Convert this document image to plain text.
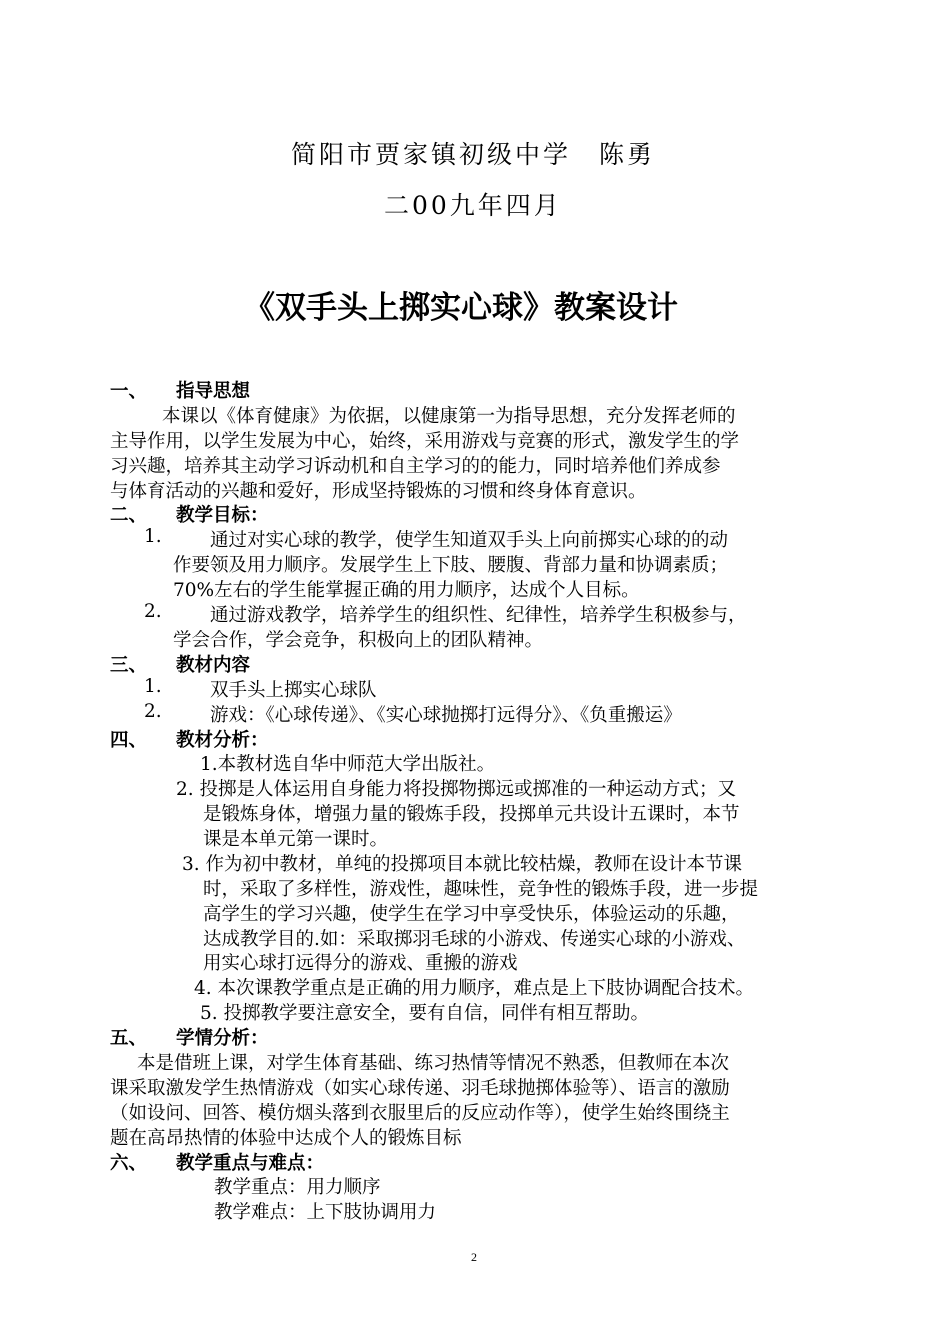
简阳市贾家镇初级中学　陈勇
二00九年四月
《双手头上掷实心球》教案设计
一、 指导思想
本课以《体育健康》为依据，以健康第一为指导思想，充分发挥老师的
主导作用，以学生发展为中心，始终，采用游戏与竞赛的形式，激发学生的学
习兴趣，培养其主动学习诉动机和自主学习的的能力，同时培养他们养成参
与体育活动的兴趣和爱好，形成坚持锻炼的习惯和终身体育意识。
二、 教学目标：
1.	通过对实心球的教学，使学生知道双手头上向前掷实心球的的动
作要领及用力顺序。发展学生上下肢、腰腹、背部力量和协调素质；
70%左右的学生能掌握正确的用力顺序，达成个人目标。
2.	通过游戏教学，培养学生的组织性、纪律性，培养学生积极参与，
学会合作，学会竞争，积极向上的团队精神。
三、 教材内容
1.	双手头上掷实心球队
2.	游戏：《心球传递》、《实心球抛掷打远得分》、《负重搬运》
四、 教材分析：
1.本教材选自华中师范大学出版社。
2. 投掷是人体运用自身能力将投掷物掷远或掷准的一种运动方式；又
是锻炼身体，增强力量的锻炼手段，投掷单元共设计五课时，本节
课是本单元第一课时。
3. 作为初中教材，单纯的投掷项目本就比较枯燥，教师在设计本节课
时，采取了多样性，游戏性，趣味性，竞争性的锻炼手段，进一步提
高学生的学习兴趣，使学生在学习中享受快乐，体验运动的乐趣，
达成教学目的.如：采取掷羽毛球的小游戏、传递实心球的小游戏、
用实心球打远得分的游戏、重搬的游戏
4. 本次课教学重点是正确的用力顺序，难点是上下肢协调配合技术。
5. 投掷教学要注意安全，要有自信，同伴有相互帮助。
五、 学情分析：
本是借班上课，对学生体育基础、练习热情等情况不熟悉，但教师在本次
课采取激发学生热情游戏（如实心球传递、羽毛球抛掷体验等）、语言的激励
（如设问、回答、模仿烟头落到衣服里后的反应动作等），使学生始终围绕主
题在高昂热情的体验中达成个人的锻炼目标
六、 教学重点与难点：
教学重点：用力顺序
教学难点：上下肢协调用力
2
